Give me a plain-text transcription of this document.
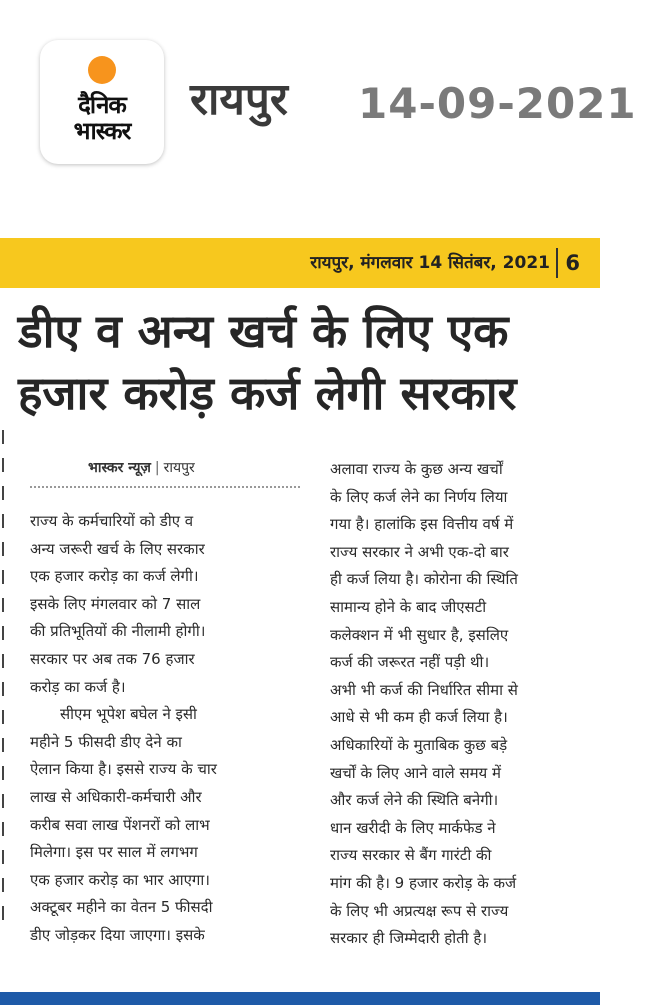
दैनिक
भास्कर
रायपुर 14-09-2021
रायपुर, मंगलवार 14 सितंबर, 2021 6
डीए व अन्य खर्च के लिए एक
हजार करोड़ कर्ज लेगी सरकार
भास्कर न्यूज़ | रायपुर
राज्य के कर्मचारियों को डीए व
अन्य जरूरी खर्च के लिए सरकार
एक हजार करोड़ का कर्ज लेगी।
इसके लिए मंगलवार को 7 साल
की प्रतिभूतियों की नीलामी होगी।
सरकार पर अब तक 76 हजार
करोड़ का कर्ज है।
सीएम भूपेश बघेल ने इसी
महीने 5 फीसदी डीए देने का
ऐलान किया है। इससे राज्य के चार
लाख से अधिकारी-कर्मचारी और
करीब सवा लाख पेंशनरों को लाभ
मिलेगा। इस पर साल में लगभग
एक हजार करोड़ का भार आएगा।
अक्टूबर महीने का वेतन 5 फीसदी
डीए जोड़कर दिया जाएगा। इसके
अलावा राज्य के कुछ अन्य खर्चों
के लिए कर्ज लेने का निर्णय लिया
गया है। हालांकि इस वित्तीय वर्ष में
राज्य सरकार ने अभी एक-दो बार
ही कर्ज लिया है। कोरोना की स्थिति
सामान्य होने के बाद जीएसटी
कलेक्शन में भी सुधार है, इसलिए
कर्ज की जरूरत नहीं पड़ी थी।
अभी भी कर्ज की निर्धारित सीमा से
आधे से भी कम ही कर्ज लिया है।
अधिकारियों के मुताबिक कुछ बड़े
खर्चों के लिए आने वाले समय में
और कर्ज लेने की स्थिति बनेगी।
धान खरीदी के लिए मार्कफेड ने
राज्य सरकार से बैंग गारंटी की
मांग की है। 9 हजार करोड़ के कर्ज
के लिए भी अप्रत्यक्ष रूप से राज्य
सरकार ही जिम्मेदारी होती है।
